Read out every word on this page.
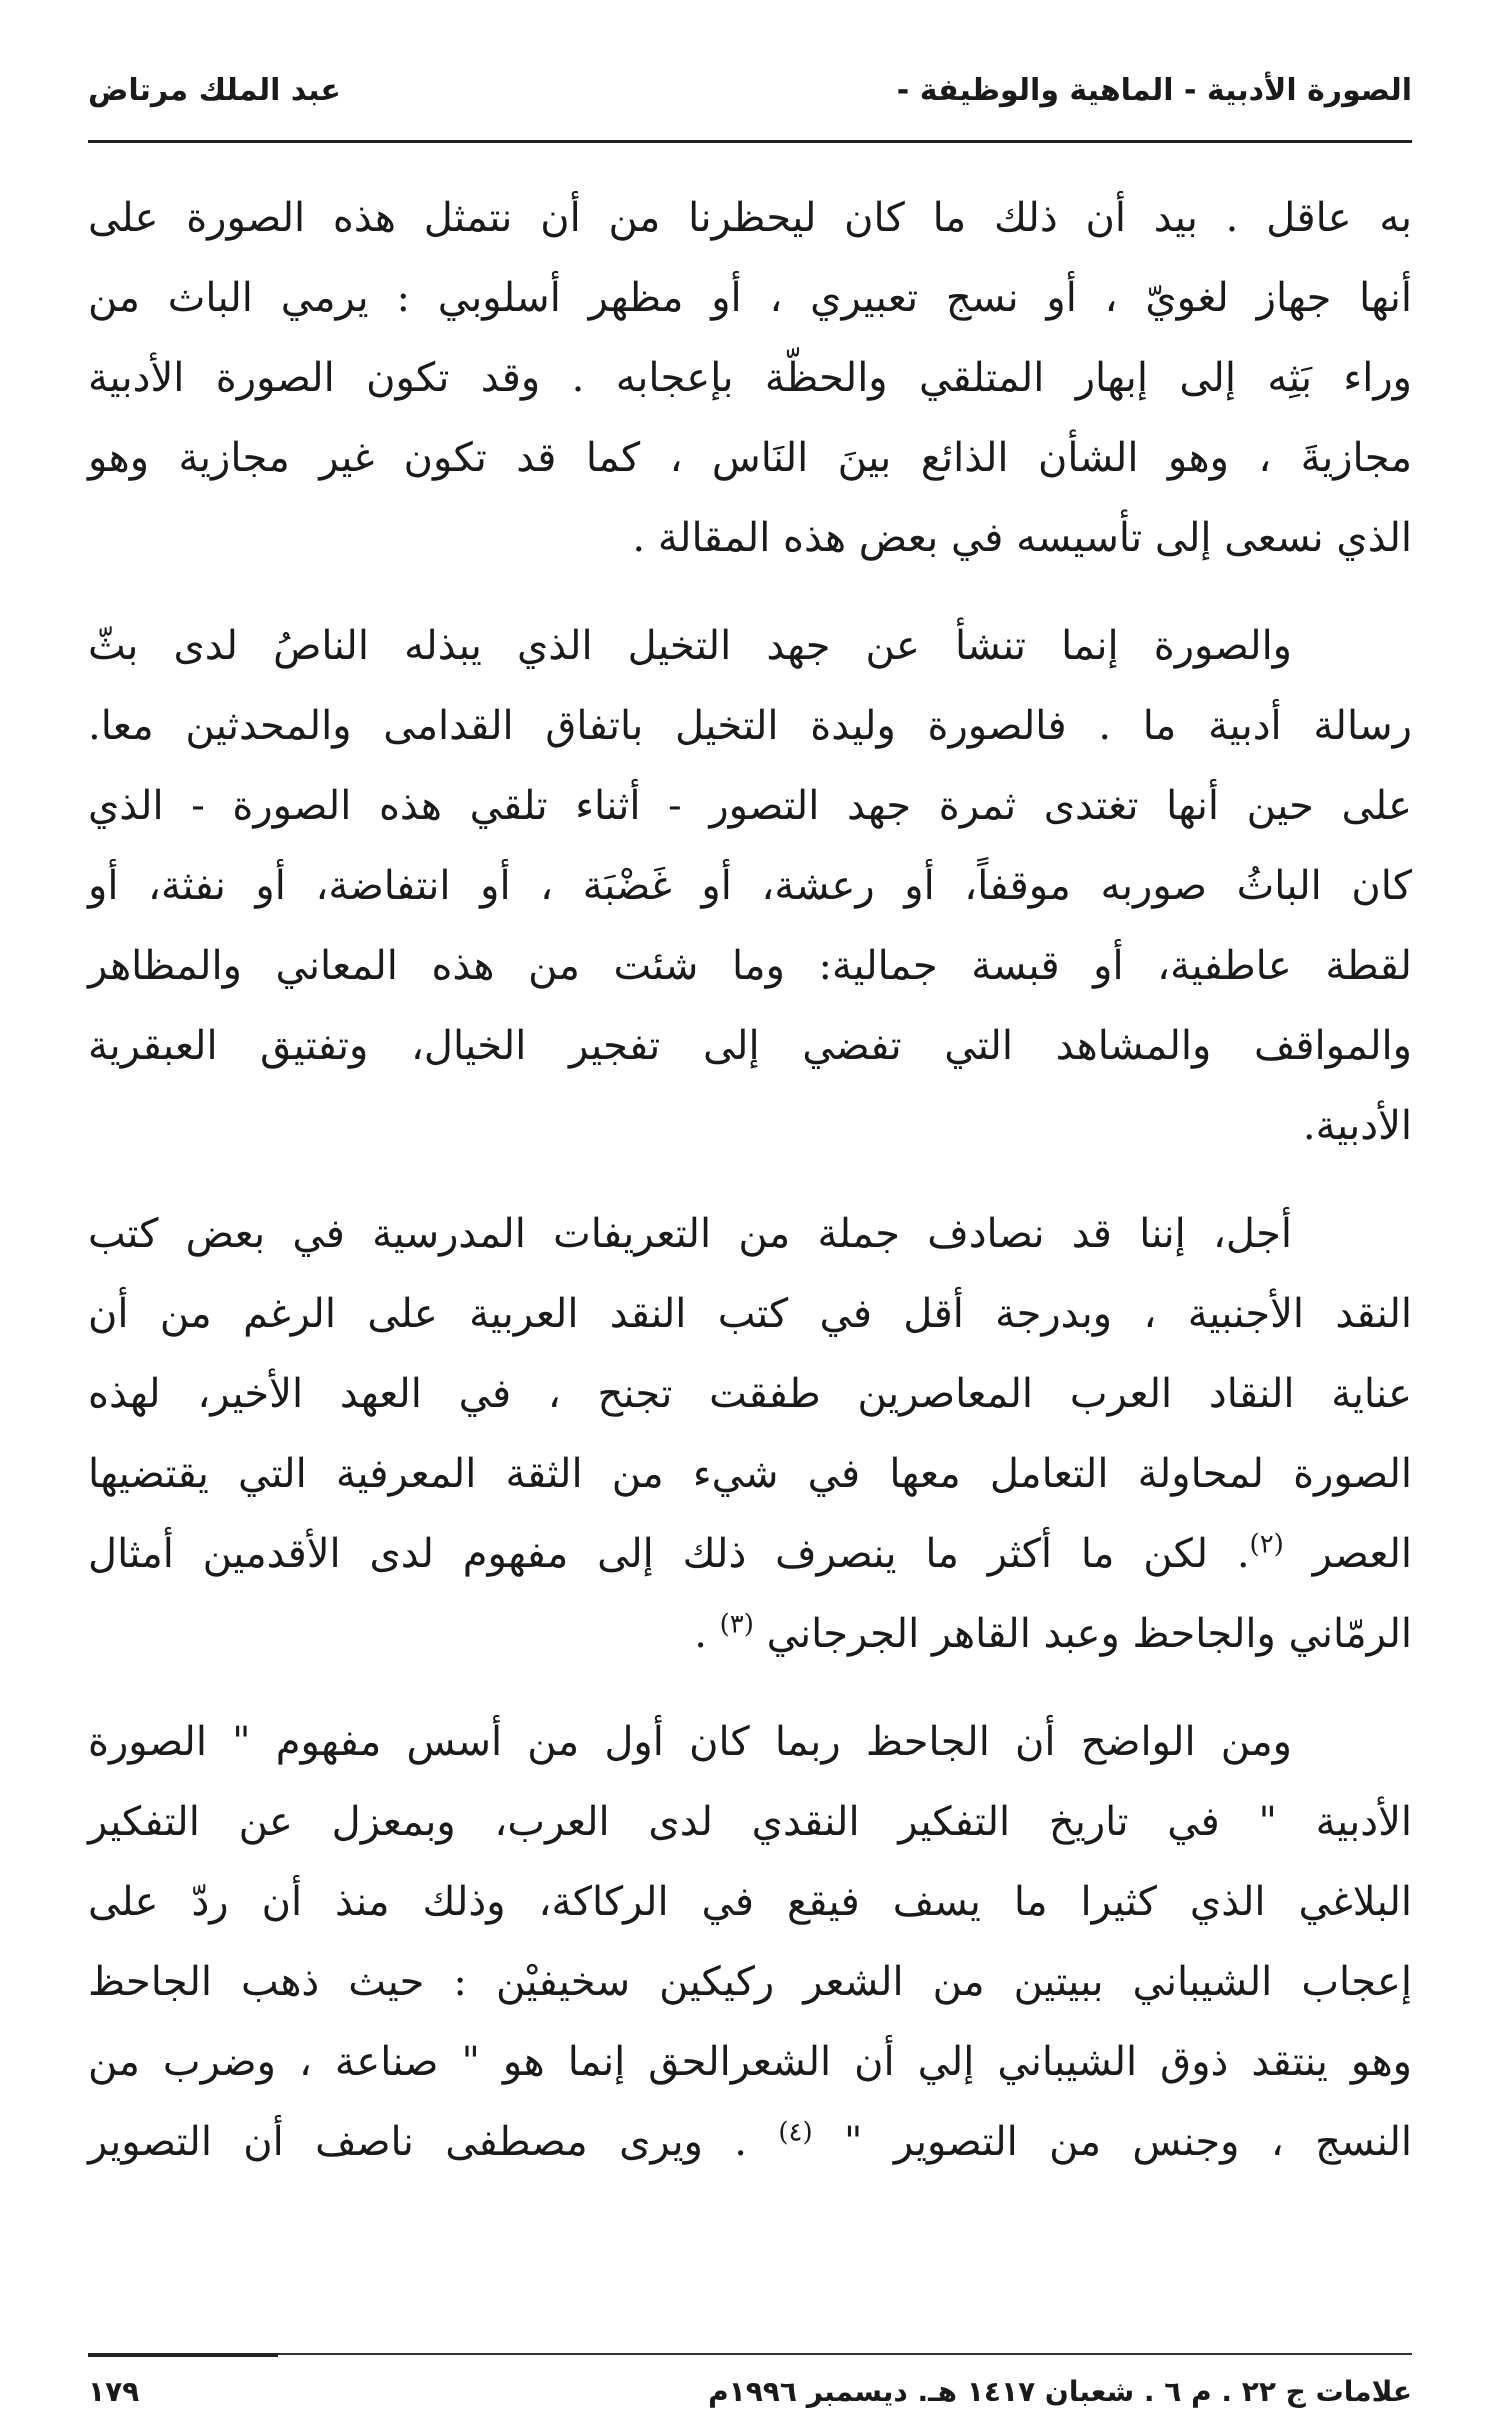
الصورة الأدبية - الماهية والوظيفة -
عبد الملك مرتاض

به عاقل . بيد أن ذلك ما كان ليحظرنا من أن نتمثل هذه الصورة على
أنها جهاز لغويّ ، أو نسج تعبيري ، أو مظهر أسلوبي : يرمي الباث من
وراء بَثِه إلى إبهار المتلقي والحظّة بإعجابه . وقد تكون الصورة الأدبية
مجازيةَ ، وهو الشأن الذائع بينَ النَاس ، كما قد تكون غير مجازية وهو
الذي نسعى إلى تأسيسه في بعض هذه المقالة .

والصورة إنما تنشأ عن جهد التخيل الذي يبذله الناصُ لدى بثّ
رسالة أدبية ما . فالصورة وليدة التخيل باتفاق القدامى والمحدثين معا.
على حين أنها تغتدى ثمرة جهد التصور - أثناء تلقي هذه الصورة - الذي
كان الباثُ صوربه موقفاً، أو رعشة، أو غَضْبَة ، أو انتفاضة، أو نفثة، أو
لقطة عاطفية، أو قبسة جمالية: وما شئت من هذه المعاني والمظاهر
والمواقف والمشاهد التي تفضي إلى تفجير الخيال، وتفتيق العبقرية
الأدبية.

أجل، إننا قد نصادف جملة من التعريفات المدرسية في بعض كتب
النقد الأجنبية ، وبدرجة أقل في كتب النقد العربية على الرغم من أن
عناية النقاد العرب المعاصرين طفقت تجنح ، في العهد الأخير، لهذه
الصورة لمحاولة التعامل معها في شيء من الثقة المعرفية التي يقتضيها
العصر $^{(٢)}$. لكن ما أكثر ما ينصرف ذلك إلى مفهوم لدى الأقدمين أمثال
الرمّاني والجاحظ وعبد القاهر الجرجاني $^{(٣)}$ .

ومن الواضح أن الجاحظ ربما كان أول من أسس مفهوم " الصورة
الأدبية " في تاريخ التفكير النقدي لدى العرب، وبمعزل عن التفكير
البلاغي الذي كثيرا ما يسف فيقع في الركاكة، وذلك منذ أن ردّ على
إعجاب الشيباني ببيتين من الشعر ركيكين سخيفيْن : حيث ذهب الجاحظ
وهو ينتقد ذوق الشيباني إلي أن الشعرالحق إنما هو " صناعة ، وضرب من
النسج ، وجنس من التصوير " $^{(٤)}$ . ويرى مصطفى ناصف أن التصوير

علامات ج ٢٢ . م ٦ . شعبان ١٤١٧ هـ. ديسمبر ١٩٩٦م
١٧٩
